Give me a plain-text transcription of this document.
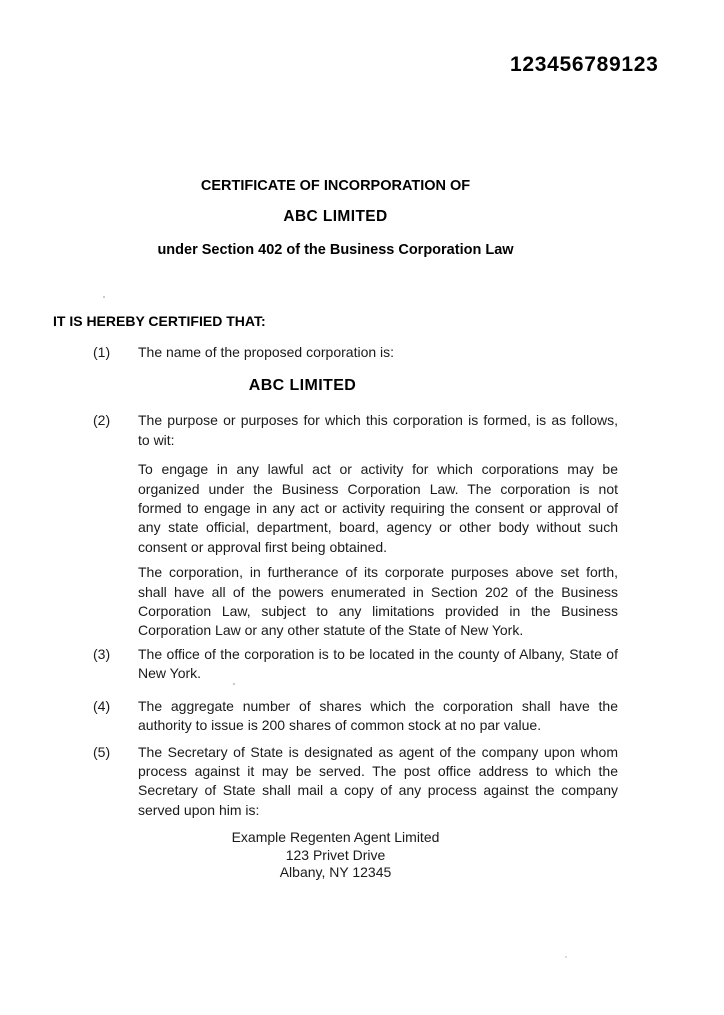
123456789123
CERTIFICATE OF INCORPORATION OF
ABC LIMITED
under Section 402 of the Business Corporation Law
IT IS HEREBY CERTIFIED THAT:
(1)	The name of the proposed corporation is:
ABC LIMITED
(2)	The purpose or purposes for which this corporation is formed, is as follows, to wit:
To engage in any lawful act or activity for which corporations may be organized under the Business Corporation Law. The corporation is not formed to engage in any act or activity requiring the consent or approval of any state official, department, board, agency or other body without such consent or approval first being obtained.
The corporation, in furtherance of its corporate purposes above set forth, shall have all of the powers enumerated in Section 202 of the Business Corporation Law, subject to any limitations provided in the Business Corporation Law or any other statute of the State of New York.
(3)	The office of the corporation is to be located in the county of Albany, State of New York.
(4)	The aggregate number of shares which the corporation shall have the authority to issue is 200 shares of common stock at no par value.
(5)	The Secretary of State is designated as agent of the company upon whom process against it may be served. The post office address to which the Secretary of State shall mail a copy of any process against the company served upon him is:
Example Regenten Agent Limited
123 Privet Drive
Albany, NY 12345
